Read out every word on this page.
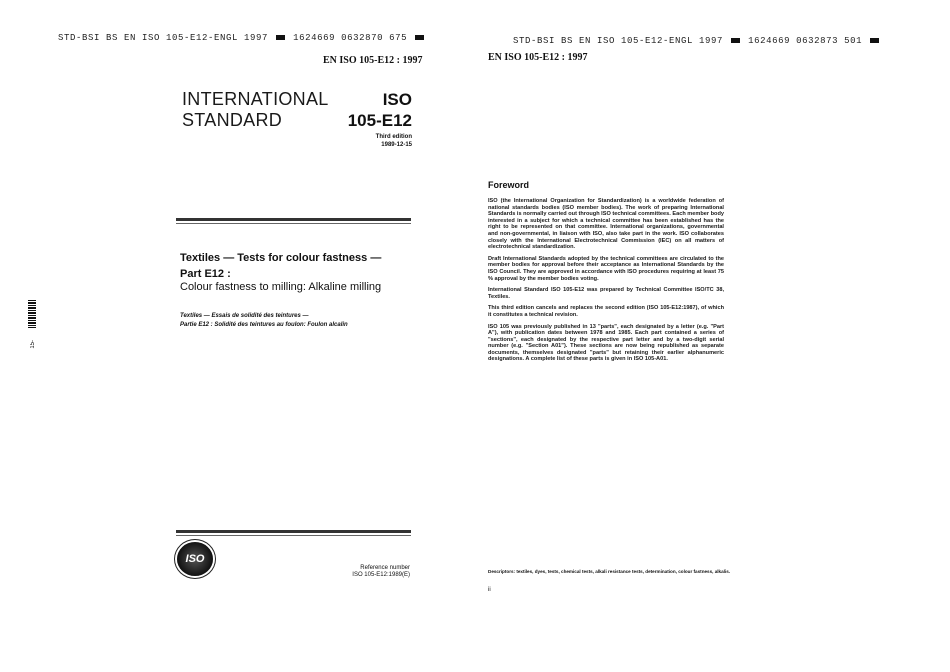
STD-BSI BS EN ISO 105-E12-ENGL 1997	1624669 0632870 675
EN ISO 105-E12 : 1997
INTERNATIONAL
STANDARD
ISO
105-E12
Third edition
1989-12-15
Textiles — Tests for colour fastness —
Part E12 :
Colour fastness to milling: Alkaline milling
Textiles — Essais de solidité des teintures —
Partie E12 : Solidité des teintures au foulon: Foulon alcalin
ISO
Reference number
ISO 105-E12:1989(E)
15-
STD-BSI BS EN ISO 105-E12-ENGL 1997	1624669 0632873 501
EN ISO 105-E12 : 1997
Foreword

ISO (the International Organization for Standardization) is a worldwide federation of national standards bodies (ISO member bodies). The work of preparing International Standards is normally carried out through ISO technical committees. Each member body interested in a subject for which a technical committee has been established has the right to be represented on that committee. International organizations, governmental and non-governmental, in liaison with ISO, also take part in the work. ISO collaborates closely with the International Electrotechnical Commission (IEC) on all matters of electrotechnical standardization.

Draft International Standards adopted by the technical committees are circulated to the member bodies for approval before their acceptance as International Standards by the ISO Council. They are approved in accordance with ISO procedures requiring at least 75 % approval by the member bodies voting.

International Standard ISO 105-E12 was prepared by Technical Committee ISO/TC 38, Textiles.

This third edition cancels and replaces the second edition (ISO 105-E12:1987), of which it constitutes a technical revision.

ISO 105 was previously published in 13 "parts", each designated by a letter (e.g. "Part A"), with publication dates between 1978 and 1985. Each part contained a series of "sections", each designated by the respective part letter and by a two-digit serial number (e.g. "Section A01"). These sections are now being republished as separate documents, themselves designated "parts" but retaining their earlier alphanumeric designations. A complete list of these parts is given in ISO 105-A01.

Descriptors: textiles, dyes, tests, chemical tests, alkali resistance tests, determination, colour fastness, alkalis.
ii
